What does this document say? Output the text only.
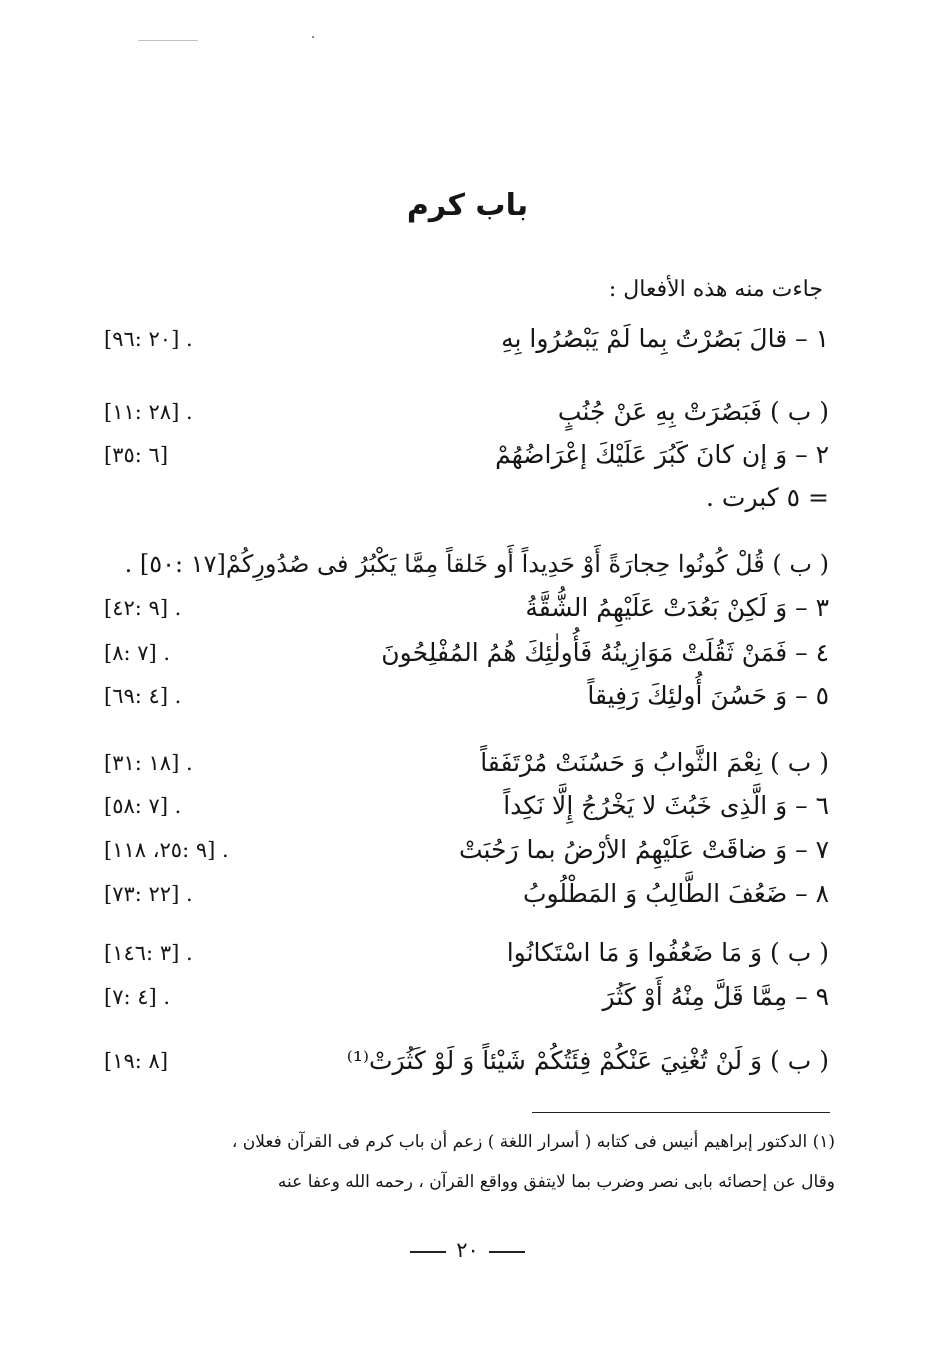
باب كرم
جاءت منه هذه الأفعال :
١ – قالَ بَصُرْتُ بِما لَمْ يَبْصُرُوا بِهِ
[٢٠ :٩٦] .
( ب ) فَبَصُرَتْ بِهِ عَنْ جُنُبٍ
[٢٨ :١١] .
٢ – وَ إن كانَ كَبُرَ عَلَيْكَ إعْرَاضُهُمْ
[٦ :٣٥]
= ٥ كبرت .
( ب ) قُلْ كُونُوا حِجارَةً أَوْ حَدِيداً أَو خَلقاً مِمَّا يَكْبُرُ فى صُدُورِكُمْ[١٧ :٥٠] .
٣ – وَ لَكِنْ بَعُدَتْ عَلَيْهِمُ الشُّقَّةُ
[٩ :٤٢] .
٤ – فَمَنْ ثَقُلَتْ مَوَازِينُهُ فَأُولٰئِكَ هُمُ المُفْلِحُونَ
[٧ :٨] .
٥ – وَ حَسُنَ أُولئِكَ رَفِيقاً
[٤ :٦٩] .
( ب ) نِعْمَ الثَّوابُ وَ حَسُنَتْ مُرْتَفَقاً
[١٨ :٣١] .
٦ – وَ الَّذِى خَبُثَ لا يَخْرُجُ إِلَّا نَكِداً
[٧ :٥٨] .
٧ – وَ ضاقَتْ عَلَيْهِمُ الأرْضُ بما رَحُبَتْ
[٩ :٢٥، ١١٨] .
٨ – ضَعُفَ الطَّالِبُ وَ المَطْلُوبُ
[٢٢ :٧٣] .
( ب ) وَ مَا ضَعُفُوا وَ مَا اسْتَكانُوا
[٣ :١٤٦] .
٩ – مِمَّا قَلَّ مِنْهُ أَوْ كَثُرَ
[٤ :٧] .
( ب ) وَ لَنْ تُغْنِيَ عَنْكُمْ فِئَتُكُمْ شَيْئاً وَ لَوْ كَثُرَتْ⁽¹⁾
[٨ :١٩]
(١) الدكتور إبراهيم أنيس فى كتابه ( أسرار اللغة ) زعم أن باب كرم فى القرآن فعلان ،
وقال عن إحصائه بابى نصر وضرب بما لايتفق وواقع القرآن ، رحمه الله وعفا عنه
٢٠
